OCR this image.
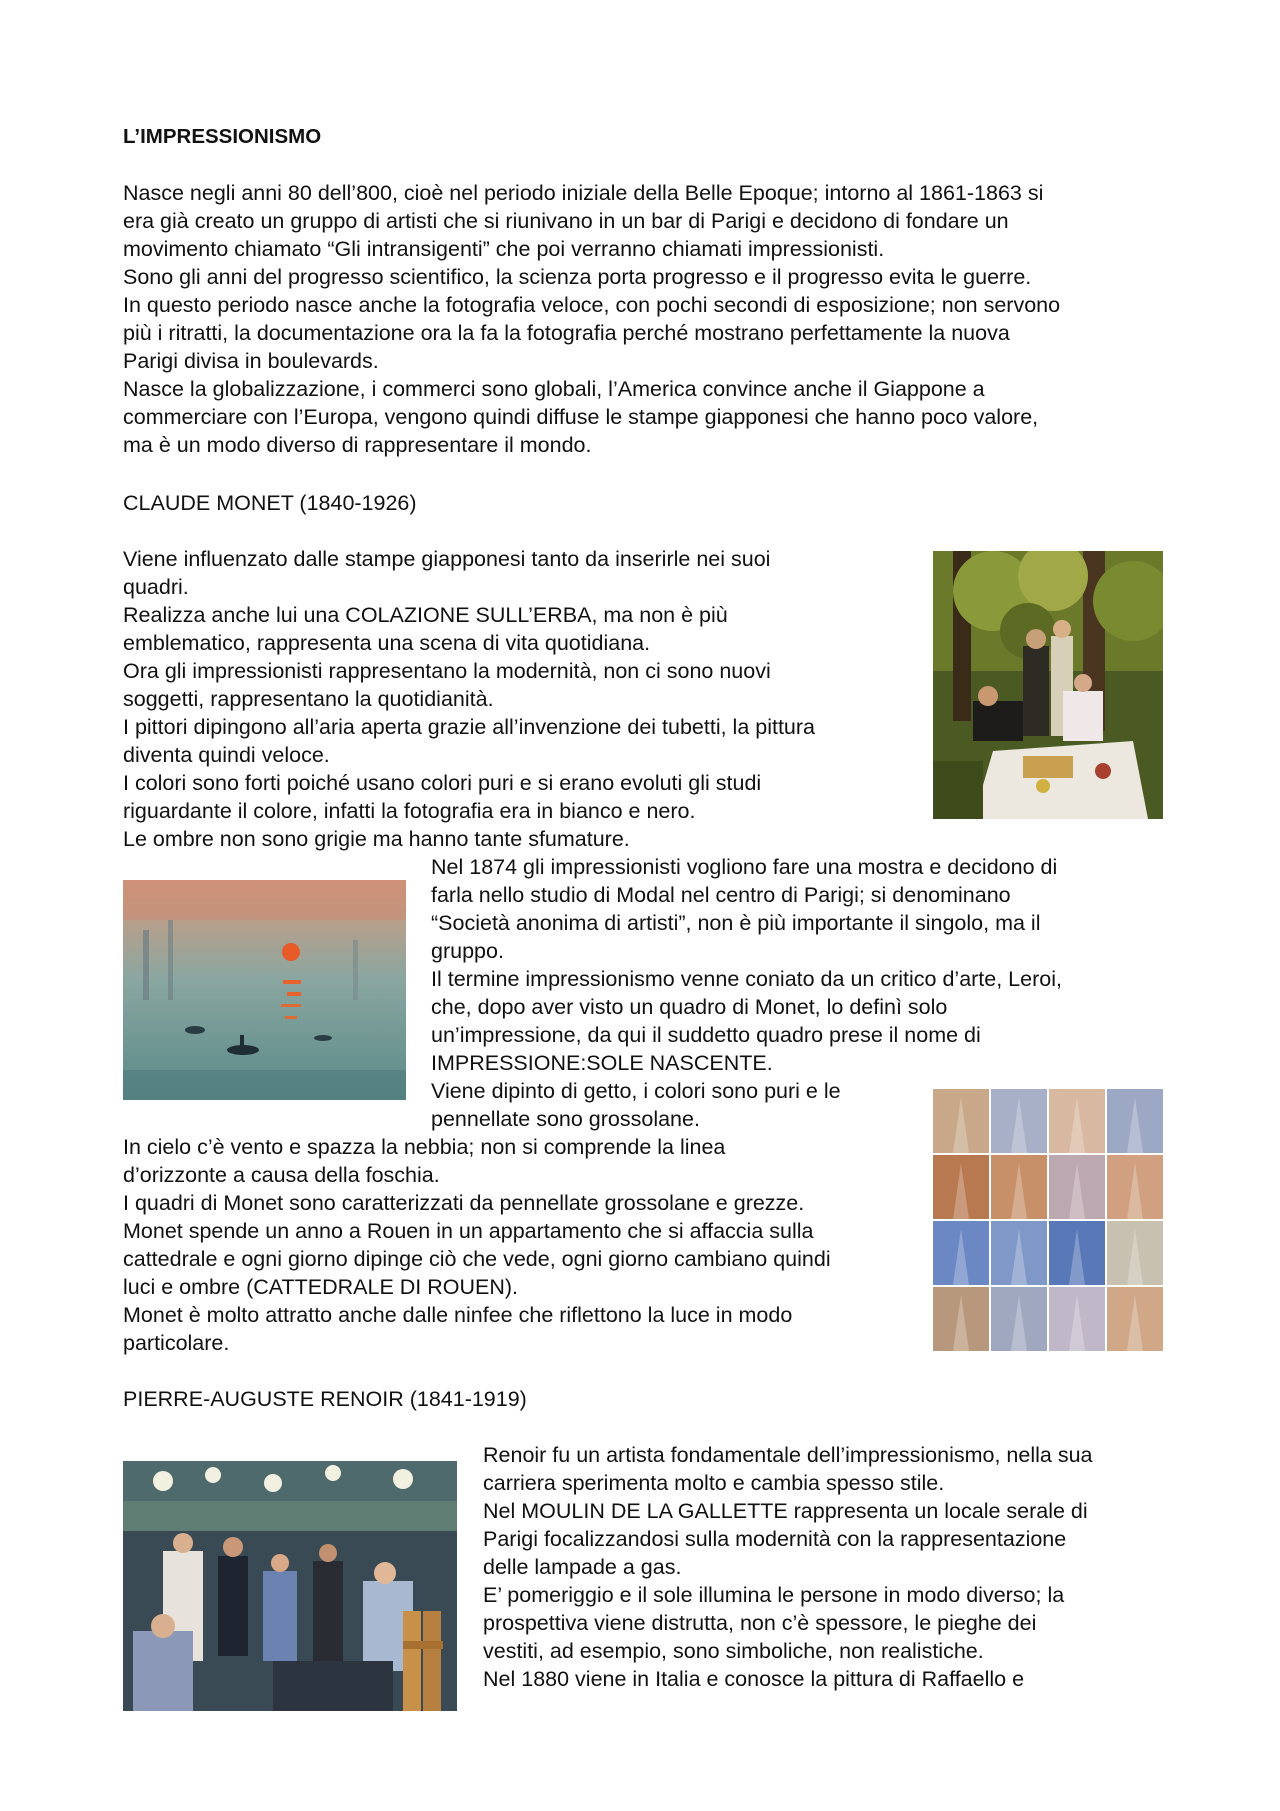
L’IMPRESSIONISMO
Nasce negli anni 80 dell’800, cioè nel periodo iniziale della Belle Epoque; intorno al 1861-1863 si
era già creato un gruppo di artisti che si riunivano in un bar di Parigi e decidono di fondare un
movimento chiamato “Gli intransigenti” che poi verranno chiamati impressionisti.
Sono gli anni del progresso scientifico, la scienza porta progresso e il progresso evita le guerre.
In questo periodo nasce anche la fotografia veloce, con pochi secondi di esposizione; non servono
più i ritratti, la documentazione ora la fa la fotografia perché mostrano perfettamente la nuova
Parigi divisa in boulevards.
Nasce la globalizzazione, i commerci sono globali, l’America convince anche il Giappone a
commerciare con l’Europa, vengono quindi diffuse le stampe giapponesi che hanno poco valore,
ma è un modo diverso di rappresentare il mondo.
CLAUDE MONET (1840-1926)
Viene influenzato dalle stampe giapponesi tanto da inserirle nei suoi
quadri.
Realizza anche lui una COLAZIONE SULL’ERBA, ma non è più
emblematico, rappresenta una scena di vita quotidiana.
Ora gli impressionisti rappresentano la modernità, non ci sono nuovi
soggetti, rappresentano la quotidianità.
I pittori dipingono all’aria aperta grazie all’invenzione dei tubetti, la pittura
diventa quindi veloce.
I colori sono forti poiché usano colori puri e si erano evoluti gli studi
riguardante il colore, infatti la fotografia era in bianco e nero.
Le ombre non sono grigie ma hanno tante sfumature.
Nel 1874 gli impressionisti vogliono fare una mostra e decidono di
farla nello studio di Modal nel centro di Parigi; si denominano
“Società anonima di artisti”, non è più importante il singolo, ma il
gruppo.
Il termine impressionismo venne coniato da un critico d’arte, Leroi,
che, dopo aver visto un quadro di Monet, lo definì solo
un’impressione, da qui il suddetto quadro prese il nome di
IMPRESSIONE:SOLE NASCENTE.
Viene dipinto di getto, i colori sono puri e le
pennellate sono grossolane.
In cielo c’è vento e spazza la nebbia; non si comprende la linea
d’orizzonte a causa della foschia.
I quadri di Monet sono caratterizzati da pennellate grossolane e grezze.
Monet spende un anno a Rouen in un appartamento che si affaccia sulla
cattedrale e ogni giorno dipinge ciò che vede, ogni giorno cambiano quindi
luci e ombre (CATTEDRALE DI ROUEN).
Monet è molto attratto anche dalle ninfee che riflettono la luce in modo
particolare.
PIERRE-AUGUSTE RENOIR (1841-1919)
Renoir fu un artista fondamentale dell’impressionismo, nella sua
carriera sperimenta molto e cambia spesso stile.
Nel MOULIN DE LA GALLETTE rappresenta un locale serale di
Parigi focalizzandosi sulla modernità con la rappresentazione
delle lampade a gas.
E’ pomeriggio e il sole illumina le persone in modo diverso; la
prospettiva viene distrutta, non c’è spessore, le pieghe dei
vestiti, ad esempio, sono simboliche, non realistiche.
Nel 1880 viene in Italia e conosce la pittura di Raffaello e
